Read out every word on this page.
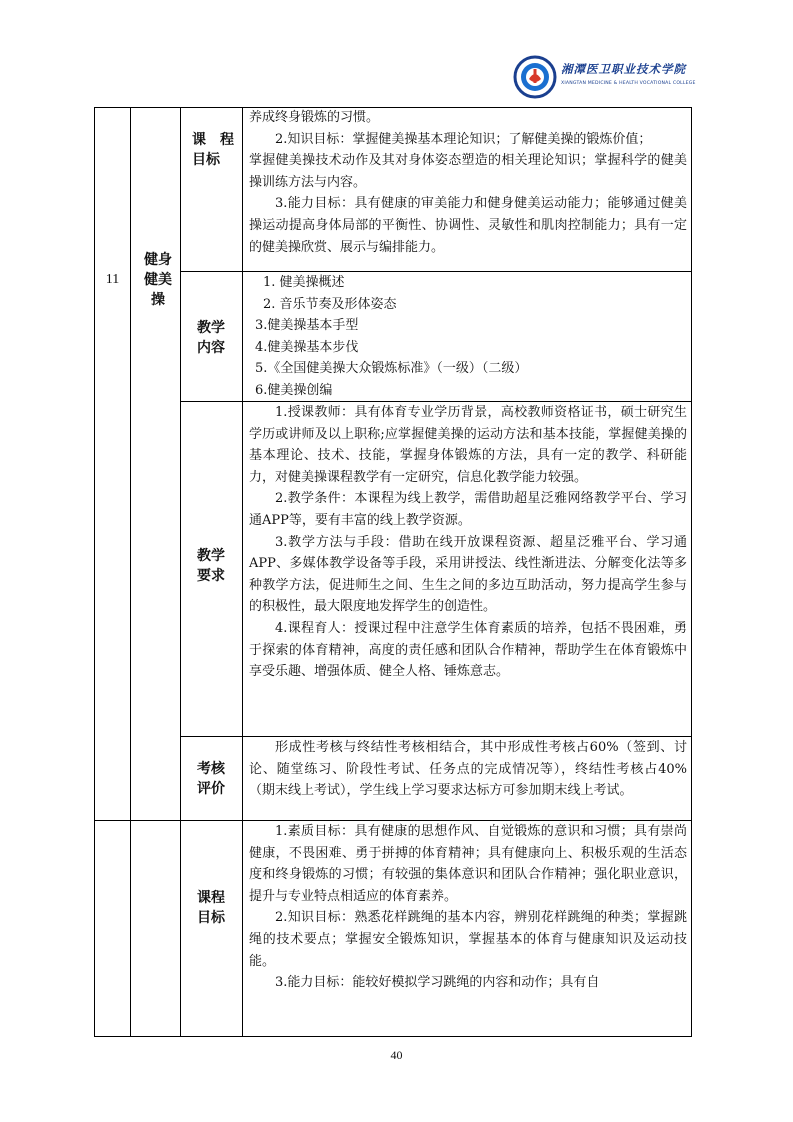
湘潭医卫职业技术学院
XIANGTAN MEDICINE & HEALTH VOCATIONAL COLLEGE
11
健身
健美
操
课　程
目标

养成终身锻炼的习惯。

2.知识目标：掌握健美操基本理论知识；了解健美操的锻炼价值；

掌握健美操技术动作及其对身体姿态塑造的相关理论知识；掌握科学的健美操训练方法与内容。

3.能力目标：具有健康的审美能力和健身健美运动能力；能够通过健美操运动提高身体局部的平衡性、协调性、灵敏性和肌肉控制能力；具有一定的健美操欣赏、展示与编排能力。

教学
内容

1. 健美操概述

2. 音乐节奏及形体姿态

3.健美操基本手型

4.健美操基本步伐

5.《全国健美操大众锻炼标准》（一级）（二级）

6.健美操创编

教学
要求

1.授课教师：具有体育专业学历背景，高校教师资格证书，硕士研究生学历或讲师及以上职称;应掌握健美操的运动方法和基本技能，掌握健美操的基本理论、技术、技能，掌握身体锻炼的方法，具有一定的教学、科研能力，对健美操课程教学有一定研究，信息化教学能力较强。

2.教学条件：本课程为线上教学，需借助超星泛雅网络教学平台、学习通APP等，要有丰富的线上教学资源。

3.教学方法与手段：借助在线开放课程资源、超星泛雅平台、学习通APP、多媒体教学设备等手段，采用讲授法、线性渐进法、分解变化法等多种教学方法，促进师生之间、生生之间的多边互助活动，努力提高学生参与的积极性，最大限度地发挥学生的创造性。

4.课程育人：授课过程中注意学生体育素质的培养，包括不畏困难，勇于探索的体育精神，高度的责任感和团队合作精神，帮助学生在体育锻炼中享受乐趣、增强体质、健全人格、锤炼意志。

考核
评价

形成性考核与终结性考核相结合，其中形成性考核占60%（签到、讨论、随堂练习、阶段性考试、任务点的完成情况等），终结性考核占40%（期末线上考试），学生线上学习要求达标方可参加期末线上考试。

课程
目标

1.素质目标：具有健康的思想作风、自觉锻炼的意识和习惯；具有崇尚健康，不畏困难、勇于拼搏的体育精神；具有健康向上、积极乐观的生活态度和终身锻炼的习惯；有较强的集体意识和团队合作精神；强化职业意识，提升与专业特点相适应的体育素养。

2.知识目标：熟悉花样跳绳的基本内容，辨别花样跳绳的种类；掌握跳绳的技术要点；掌握安全锻炼知识，掌握基本的体育与健康知识及运动技能。

3.能力目标：能较好模拟学习跳绳的内容和动作；具有自

40
